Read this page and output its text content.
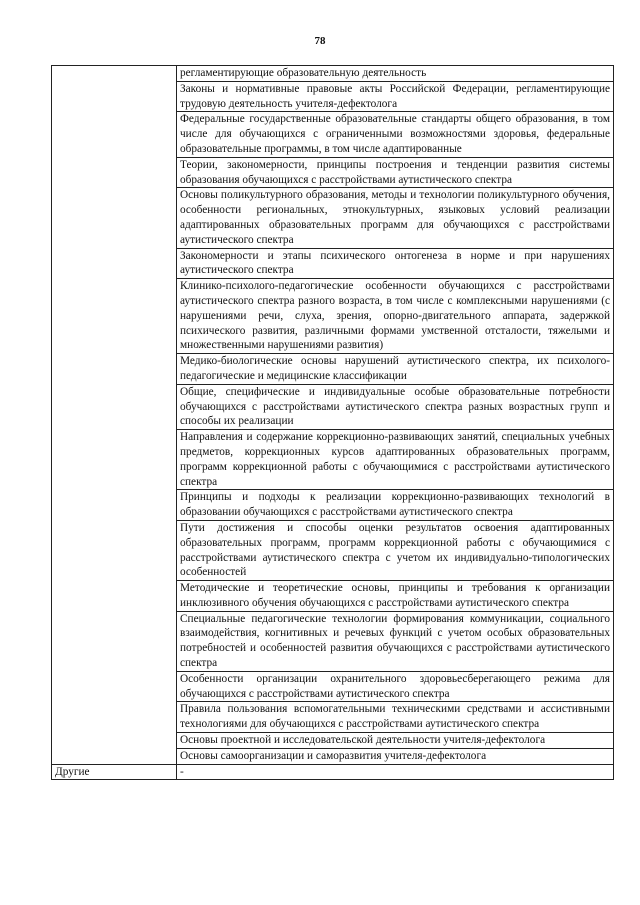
78
	регламентирующие образовательную деятельность
	Законы и нормативные правовые акты Российской Федерации, регламентирующие трудовую деятельность учителя-дефектолога
	Федеральные государственные образовательные стандарты общего образования, в том числе для обучающихся с ограниченными возможностями здоровья, федеральные образовательные программы, в том числе адаптированные
	Теории, закономерности, принципы построения и тенденции развития системы образования обучающихся с расстройствами аутистического спектра
	Основы поликультурного образования, методы и технологии поликультурного обучения, особенности региональных, этнокультурных, языковых условий реализации адаптированных образовательных программ для обучающихся с расстройствами аутистического спектра
	Закономерности и этапы психического онтогенеза в норме и при нарушениях аутистического спектра
	Клинико-психолого-педагогические особенности обучающихся с расстройствами аутистического спектра разного возраста, в том числе с комплексными нарушениями (с нарушениями речи, слуха, зрения, опорно-двигательного аппарата, задержкой психического развития, различными формами умственной отсталости, тяжелыми и множественными нарушениями развития)
	Медико-биологические основы нарушений аутистического спектра, их психолого-педагогические и медицинские классификации
	Общие, специфические и индивидуальные особые образовательные потребности обучающихся с расстройствами аутистического спектра разных возрастных групп и способы их реализации
	Направления и содержание коррекционно-развивающих занятий, специальных учебных предметов, коррекционных курсов адаптированных образовательных программ, программ коррекционной работы с обучающимися с расстройствами аутистического спектра
	Принципы и подходы к реализации коррекционно-развивающих технологий в образовании обучающихся с расстройствами аутистического спектра
	Пути достижения и способы оценки результатов освоения адаптированных образовательных программ, программ коррекционной работы с обучающимися с расстройствами аутистического спектра с учетом их индивидуально-типологических особенностей
	Методические и теоретические основы, принципы и требования к организации инклюзивного обучения обучающихся с расстройствами аутистического спектра
	Специальные педагогические технологии формирования коммуникации, социального взаимодействия, когнитивных и речевых функций с учетом особых образовательных потребностей и особенностей развития обучающихся с расстройствами аутистического спектра
	Особенности организации охранительного здоровьесберегающего режима для обучающихся с расстройствами аутистического спектра
	Правила пользования вспомогательными техническими средствами и ассистивными технологиями для обучающихся с расстройствами аутистического спектра
	Основы проектной и исследовательской деятельности учителя-дефектолога
	Основы самоорганизации и саморазвития учителя-дефектолога
Другие	-
